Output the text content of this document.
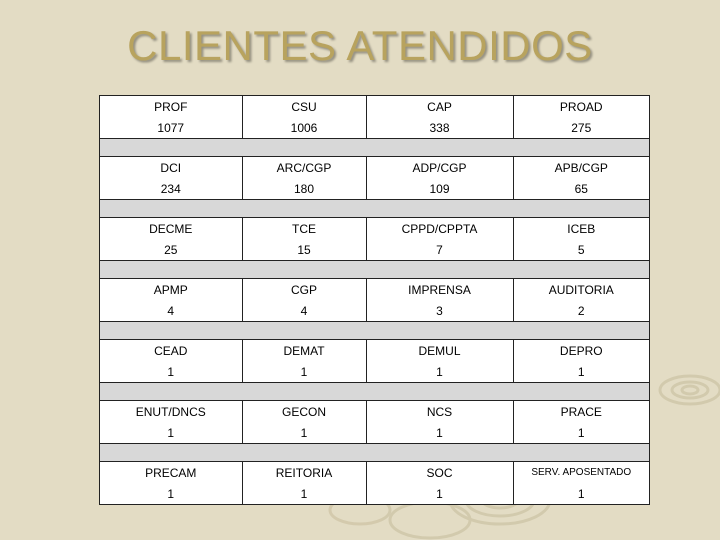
CLIENTES ATENDIDOS
PROF	CSU	CAP	PROAD
1077	1006	338	275

DCI	ARC/CGP	ADP/CGP	APB/CGP
234	180	109	65

DECME	TCE	CPPD/CPPTA	ICEB
25	15	7	5

APMP	CGP	IMPRENSA	AUDITORIA
4	4	3	2

CEAD	DEMAT	DEMUL	DEPRO
1	1	1	1

ENUT/DNCS	GECON	NCS	PRACE
1	1	1	1

PRECAM	REITORIA	SOC	SERV. APOSENTADO
1	1	1	1
